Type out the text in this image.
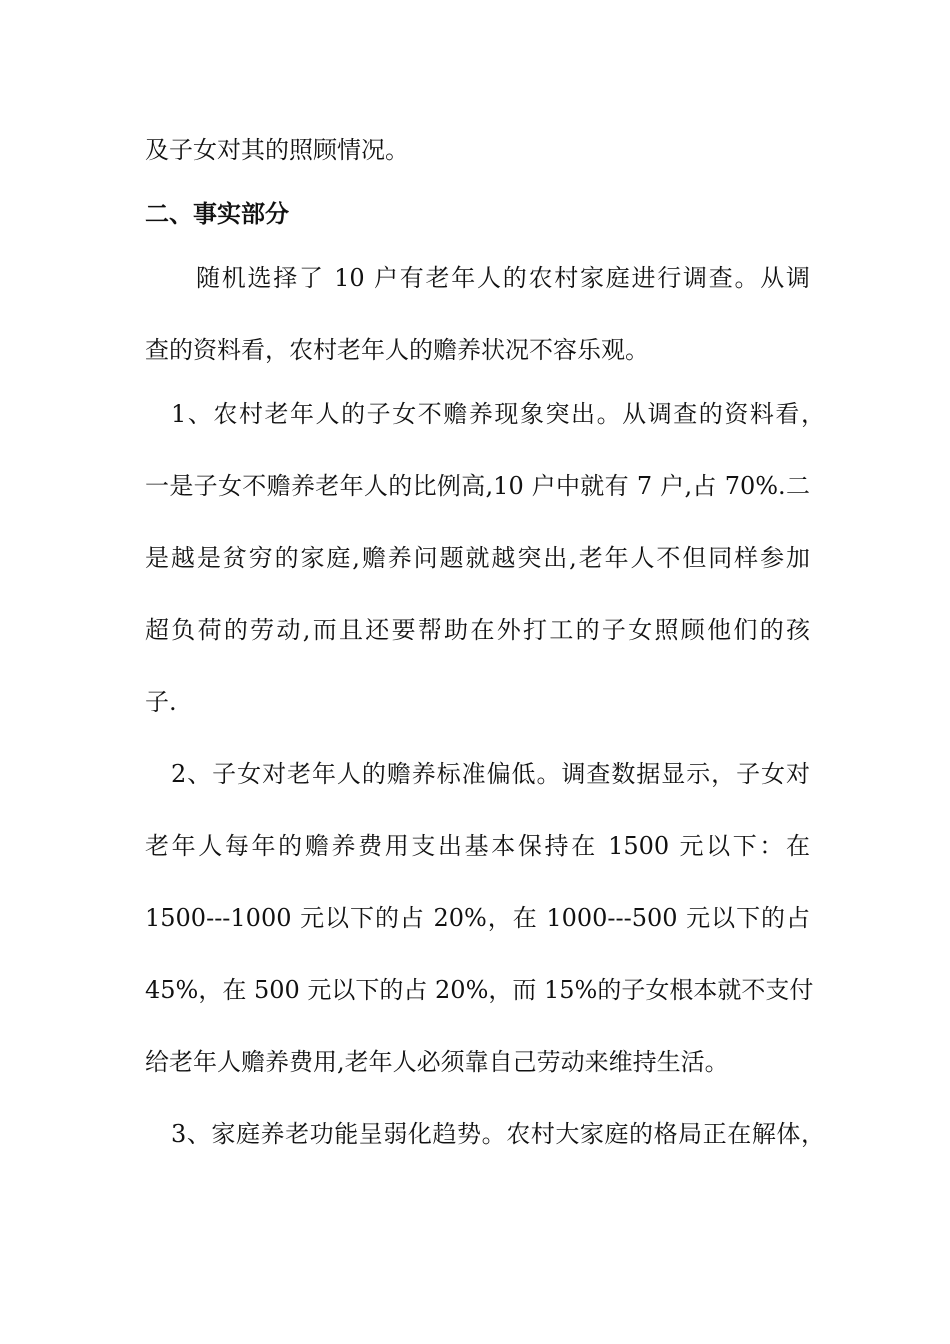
及子女对其的照顾情况。
二、事实部分
随机选择了 10 户有老年人的农村家庭进行调查。从调
查的资料看，农村老年人的赡养状况不容乐观。
1、农村老年人的子女不赡养现象突出。从调查的资料看，
一是子女不赡养老年人的比例高,10 户中就有 7 户,占 70%.二
是越是贫穷的家庭,赡养问题就越突出,老年人不但同样参加
超负荷的劳动,而且还要帮助在外打工的子女照顾他们的孩
子.
2、子女对老年人的赡养标准偏低。调查数据显示，子女对
老年人每年的赡养费用支出基本保持在 1500 元以下：在
1500---1000 元以下的占 20%，在 1000---500 元以下的占
45%，在 500 元以下的占 20%，而 15%的子女根本就不支付
给老年人赡养费用,老年人必须靠自己劳动来维持生活。
3、家庭养老功能呈弱化趋势。农村大家庭的格局正在解体，
